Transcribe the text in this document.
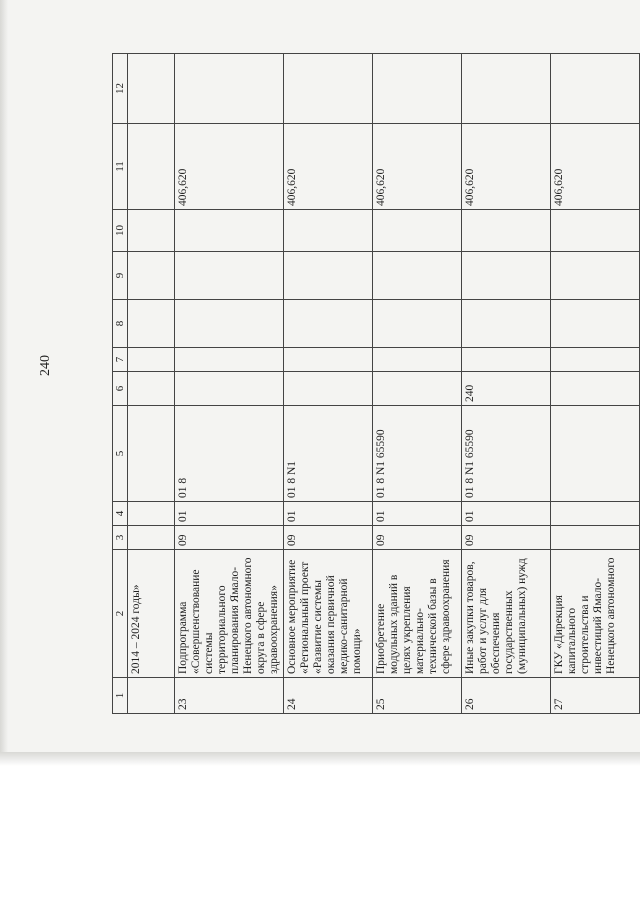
240
1	2	3	4	5	6	7	8	9	10	11	12
	2014 – 2024 годы»										
23	Подпрограмма «Совершенствование системы территориального планирования Ямало-Ненецкого автономного округа в сфере здравоохранения»	09	01	01 8						406,620	
24	Основное мероприятие «Региональный проект «Развитие системы оказания первичной медико-санитарной помощи»	09	01	01 8 N1						406,620	
25	Приобретение модульных зданий в целях укрепления материально-технической базы в сфере здравоохранения	09	01	01 8 N1 65590						406,620	
26	Иные закупки товаров, работ и услуг для обеспечения государственных (муниципальных) нужд	09	01	01 8 N1 65590	240					406,620	
27	ГКУ «Дирекция капитального строительства и инвестиций Ямало-Ненецкого автономного									406,620	
